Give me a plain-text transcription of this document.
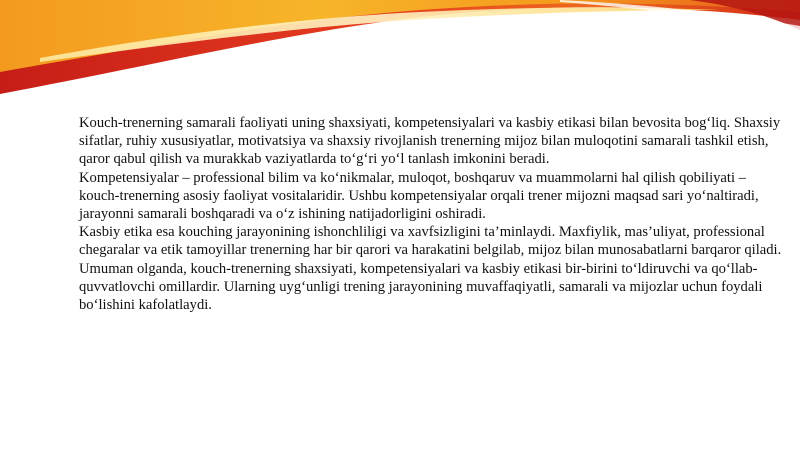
Kouch-trenerning samarali faoliyati uning shaxsiyati, kompetensiyalari va kasbiy etikasi bilan bevosita bog‘liq. Shaxsiy sifatlar, ruhiy xususiyatlar, motivatsiya va shaxsiy rivojlanish trenerning mijoz bilan muloqotini samarali tashkil etish, qaror qabul qilish va murakkab vaziyatlarda to‘g‘ri yo‘l tanlash imkonini beradi.

Kompetensiyalar – professional bilim va ko‘nikmalar, muloqot, boshqaruv va muammolarni hal qilish qobiliyati – kouch-trenerning asosiy faoliyat vositalaridir. Ushbu kompetensiyalar orqali trener mijozni maqsad sari yo‘naltiradi, jarayonni samarali boshqaradi va o‘z ishining natijadorligini oshiradi.

Kasbiy etika esa kouching jarayonining ishonchliligi va xavfsizligini ta’minlaydi. Maxfiylik, mas’uliyat, professional chegaralar va etik tamoyillar trenerning har bir qarori va harakatini belgilab, mijoz bilan munosabatlarni barqaror qiladi.

Umuman olganda, kouch-trenerning shaxsiyati, kompetensiyalari va kasbiy etikasi bir-birini to‘ldiruvchi va qo‘llab-quvvatlovchi omillardir. Ularning uyg‘unligi trening jarayonining muvaffaqiyatli, samarali va mijozlar uchun foydali bo‘lishini kafolatlaydi.
